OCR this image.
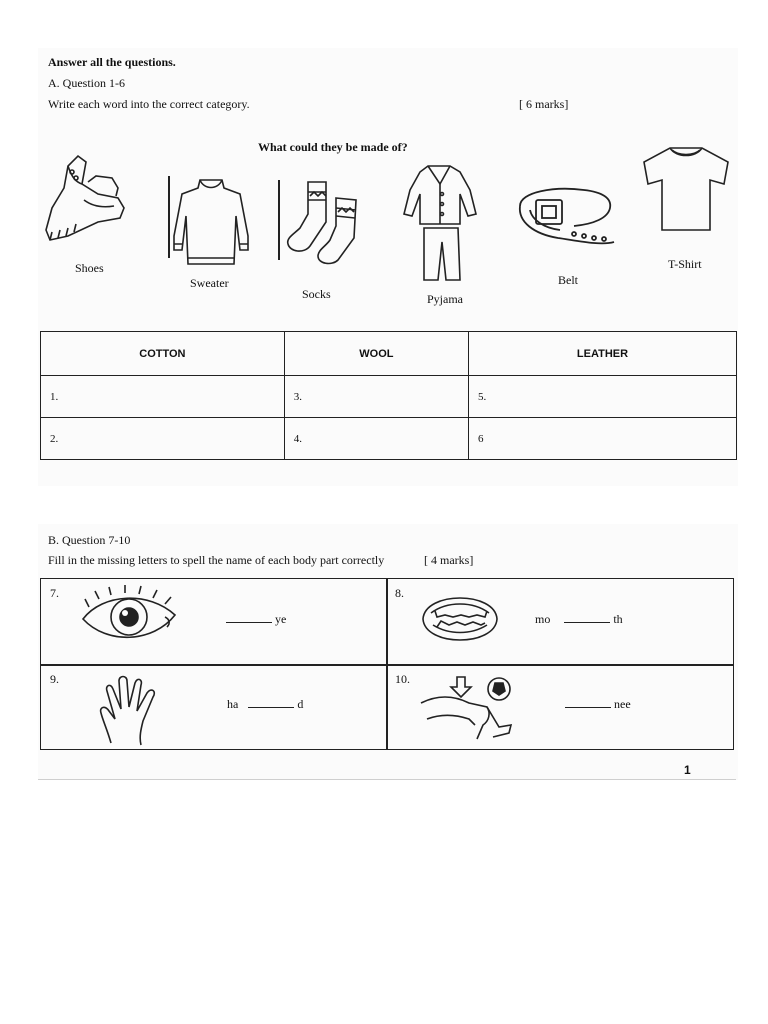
Answer all the questions.
A. Question 1-6
Write each word into the correct category.	[ 6 marks]
What could they be made of?
Shoes
Sweater
Socks	Pyjama
Belt
T-Shirt
COTTON	WOOL	LEATHER
1.	3.	5.
2.	4.	6
B. Question 7-10
Fill in the missing letters to spell the name of each body part correctly	[ 4 marks]
7.
ye
8.
mo	th
9.
ha	d
10.
nee
1
